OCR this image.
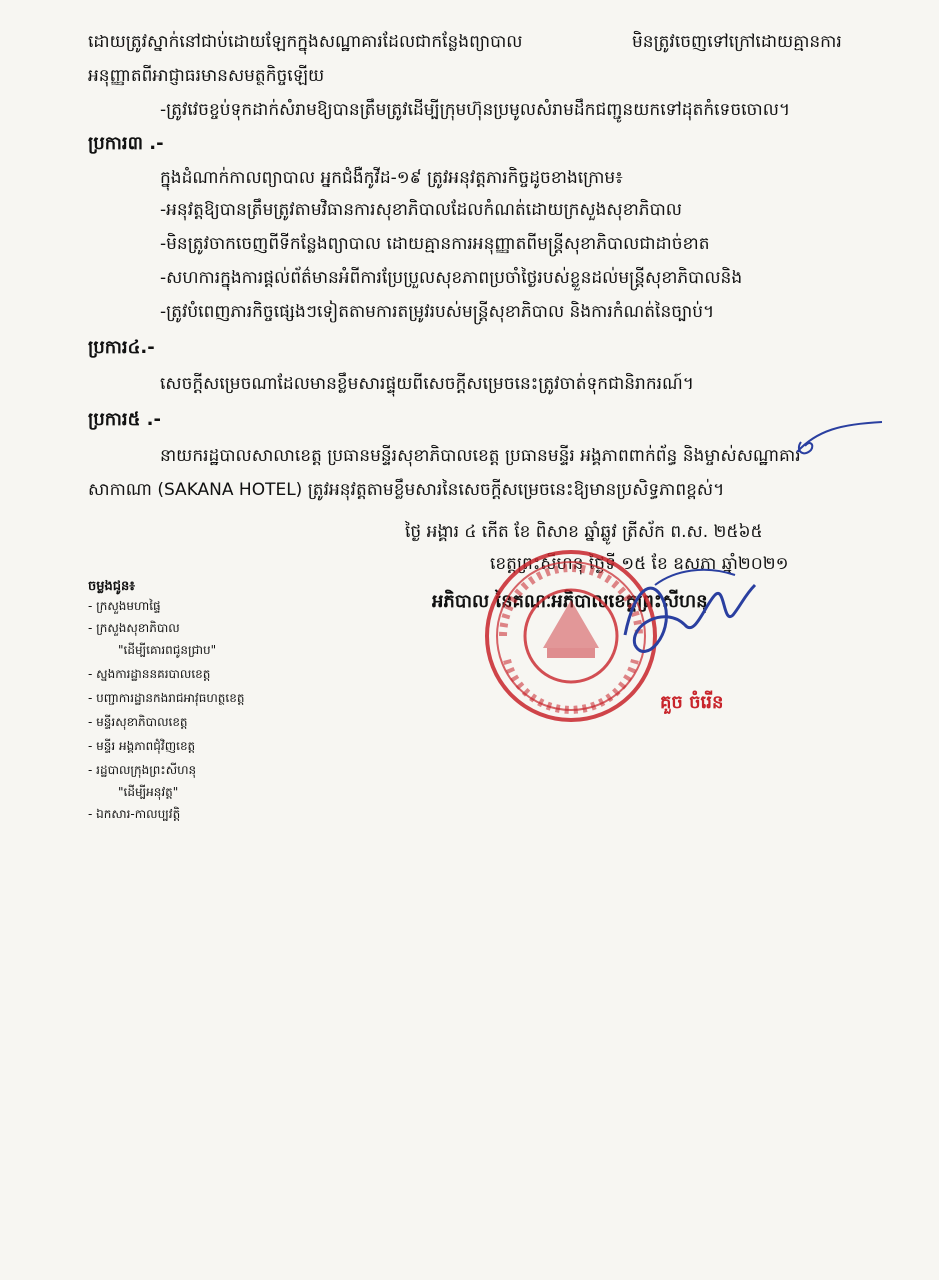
ដោយត្រូវស្នាក់នៅជាប់ដោយឡែកក្នុងសណ្ឋាគារដែលជាកន្លែងព្យាបាល	មិនត្រូវចេញទៅក្រៅដោយគ្មានការ
អនុញ្ញាតពីអាជ្ញាធរមានសមត្ថកិច្ចឡើយ
-ត្រូវវេចខ្ចប់ទុកដាក់សំរាមឱ្យបានត្រឹមត្រូវដើម្បីក្រុមហ៊ុនប្រមូលសំរាមដឹកជញ្ជូនយកទៅដុតកំទេចចោល។
ប្រការ៣ .-
ក្នុងដំណាក់កាលព្យាបាល អ្នកជំងឺកូវីដ-១៩ ត្រូវអនុវត្តភារកិច្ចដូចខាងក្រោម៖
-អនុវត្តឱ្យបានត្រឹមត្រូវតាមវិធានការសុខាភិបាលដែលកំណត់ដោយក្រសួងសុខាភិបាល
-មិនត្រូវចាកចេញពីទីកន្លែងព្យាបាល ដោយគ្មានការអនុញ្ញាតពីមន្ត្រីសុខាភិបាលជាដាច់ខាត
-សហការក្នុងការផ្តល់ព័ត៌មានអំពីការប្រែប្រួលសុខភាពប្រចាំថ្ងៃរបស់ខ្លួនដល់មន្ត្រីសុខាភិបាលនិង
-ត្រូវបំពេញភារកិច្ចផ្សេងៗទៀតតាមការតម្រូវរបស់មន្ត្រីសុខាភិបាល និងការកំណត់នៃច្បាប់។
ប្រការ៤.-
សេចក្តីសម្រេចណាដែលមានខ្លឹមសារផ្ទុយពីសេចក្តីសម្រេចនេះត្រូវចាត់ទុកជានិរាករណ៍។
ប្រការ៥ .-
នាយករដ្ឋបាលសាលាខេត្ត ប្រធានមន្ទីរសុខាភិបាលខេត្ត ប្រធានមន្ទីរ អង្គភាពពាក់ព័ន្ធ និងម្ចាស់សណ្ឋាគារ
សាកាណា (SAKANA HOTEL) ត្រូវអនុវត្តតាមខ្លឹមសារនៃសេចក្តីសម្រេចនេះឱ្យមានប្រសិទ្ធភាពខ្ពស់។
ថ្ងៃ អង្គារ ៤ កើត ខែ ពិសាខ ឆ្នាំឆ្លូវ ត្រីស័ក ព.ស. ២៥៦៥
ខេត្តព្រះសីហនុ ថ្ងៃទី ១៥ ខែ ឧសភា ឆ្នាំ២០២១
អភិបាល នៃគណៈអភិបាលខេត្តព្រះសីហនុ
គួច ចំរើន
ចម្លងជូន៖
- ក្រសួងមហាផ្ទៃ
- ក្រសួងសុខាភិបាល
"ដើម្បីគោរពជូនជ្រាប"
- ស្នងការដ្ឋាននគរបាលខេត្ត
- បញ្ជាការដ្ឋានកងរាជអាវុធហត្ថខេត្ត
- មន្ទីរសុខាភិបាលខេត្ត
- មន្ទីរ អង្គភាពជុំវិញខេត្ត
- រដ្ឋបាលក្រុងព្រះសីហនុ
"ដើម្បីអនុវត្ត"
- ឯកសារ-កាលប្បវត្តិ
